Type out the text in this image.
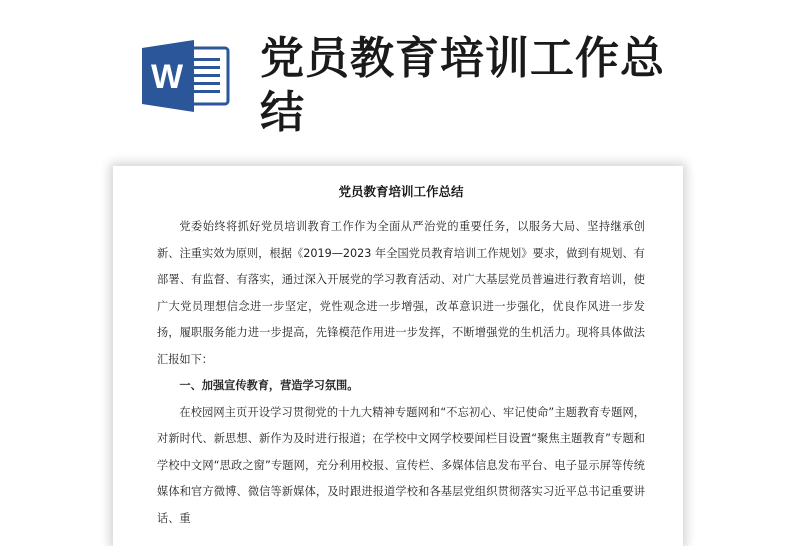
W 党员教育培训工作总结
党员教育培训工作总结

党委始终将抓好党员培训教育工作作为全面从严治党的重要任务，以服务大局、坚持继承创新、注重实效为原则，根据《2019—2023 年全国党员教育培训工作规划》要求，做到有规划、有部署、有监督、有落实，通过深入开展党的学习教育活动、对广大基层党员普遍进行教育培训，使广大党员理想信念进一步坚定，党性观念进一步增强，改革意识进一步强化，优良作风进一步发扬，履职服务能力进一步提高，先锋模范作用进一步发挥，不断增强党的生机活力。现将具体做法汇报如下：

一、加强宣传教育，营造学习氛围。

在校园网主页开设学习贯彻党的十九大精神专题网和“不忘初心、牢记使命”主题教育专题网，对新时代、新思想、新作为及时进行报道；在学校中文网学校要闻栏目设置“聚焦主题教育”专题和学校中文网“思政之窗”专题网，充分利用校报、宣传栏、多媒体信息发布平台、电子显示屏等传统媒体和官方微博、微信等新媒体，及时跟进报道学校和各基层党组织贯彻落实习近平总书记重要讲话、重
